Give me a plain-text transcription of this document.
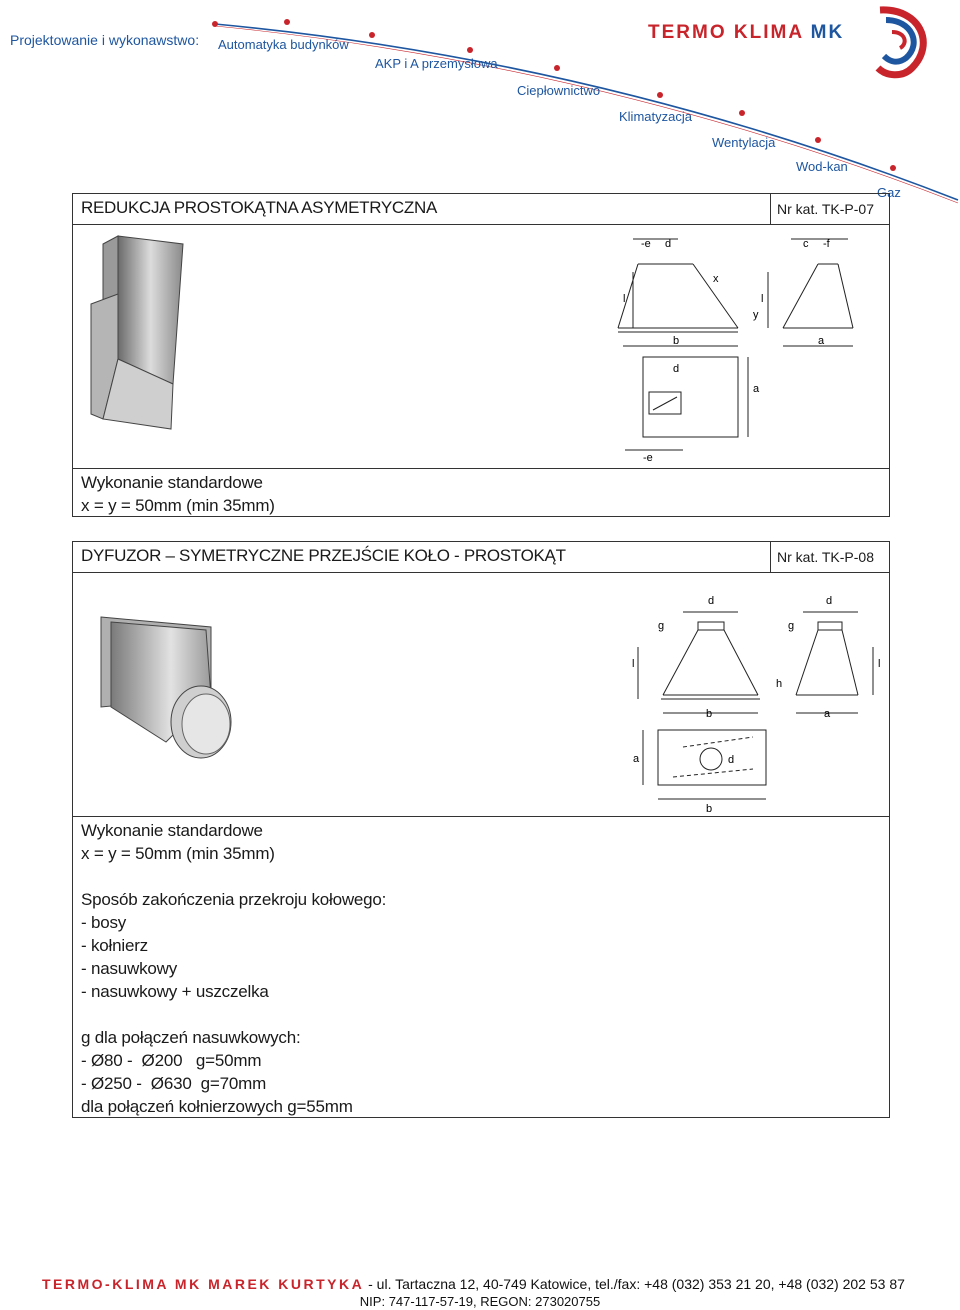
Projektowanie i wykonawstwo: Automatyka budynków
AKP i A przemysłowa
Ciepłownictwo
Klimatyzacja
Wentylacja
Wod-kan
Gaz
TERMO KLIMA MK
REDUKCJA PROSTOKĄTNA ASYMETRYCZNA	Nr kat. TK-P-07
-e d	c -f
x
y
l	l
b	a
d
a
-e
Wykonanie standardowe
x = y = 50mm (min 35mm)
DYFUZOR – SYMETRYCZNE PRZEJŚCIE KOŁO - PROSTOKĄT	Nr kat. TK-P-08
d	d
g	g
l	l
h
b	a
a	d
b
Wykonanie standardowe
x = y = 50mm (min 35mm)
Sposób zakończenia przekroju kołowego:
- bosy
- kołnierz
- nasuwkowy
- nasuwkowy + uszczelka
g dla połączeń nasuwkowych:
- Ø80 -  Ø200   g=50mm
- Ø250 -  Ø630  g=70mm
dla połączeń kołnierzowych g=55mm
TERMO-KLIMA MK MAREK KURTYKA - ul. Tartaczna 12, 40-749 Katowice, tel./fax: +48 (032) 353 21 20, +48 (032) 202 53 87
NIP: 747-117-57-19, REGON: 273020755
